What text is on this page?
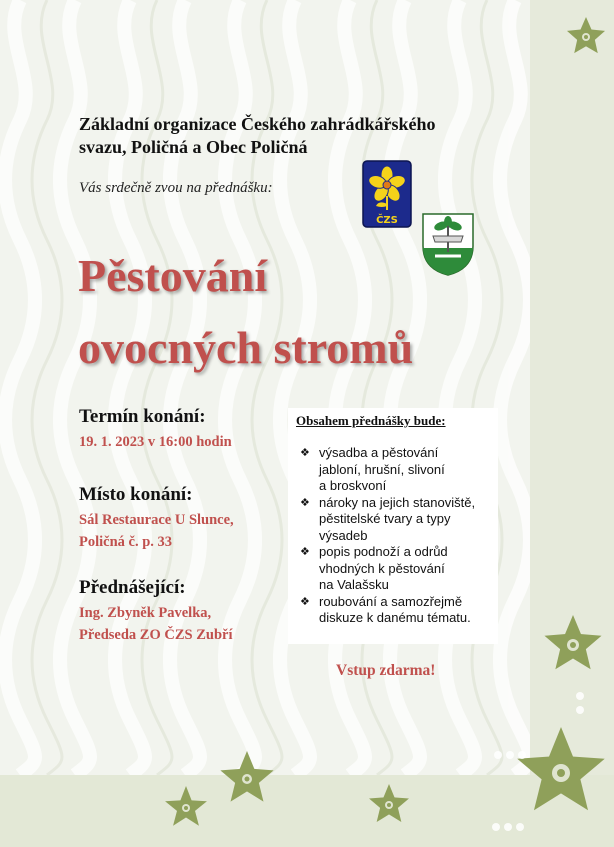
Základní organizace Českého zahrádkářského
svazu, Poličná a Obec Poličná
Vás srdečně zvou na přednášku:
ČZS
Pěstování
ovocných stromů
Termín konání:
19. 1. 2023 v 16:00 hodin
Místo konání:
Sál Restaurace U Slunce,
Poličná č. p. 33
Přednášející:
Ing. Zbyněk Pavelka,
Předseda ZO ČZS Zubří
Obsahem přednášky bude:
❖ výsadba a pěstování
jabloní, hrušní, slivoní
a broskvoní
❖ nároky na jejich stanoviště,
pěstitelské tvary a typy
výsadeb
❖ popis podnoží a odrůd
vhodných k pěstování
na Valašsku
❖ roubování a samozřejmě
diskuze k danému tématu.
Vstup zdarma!
